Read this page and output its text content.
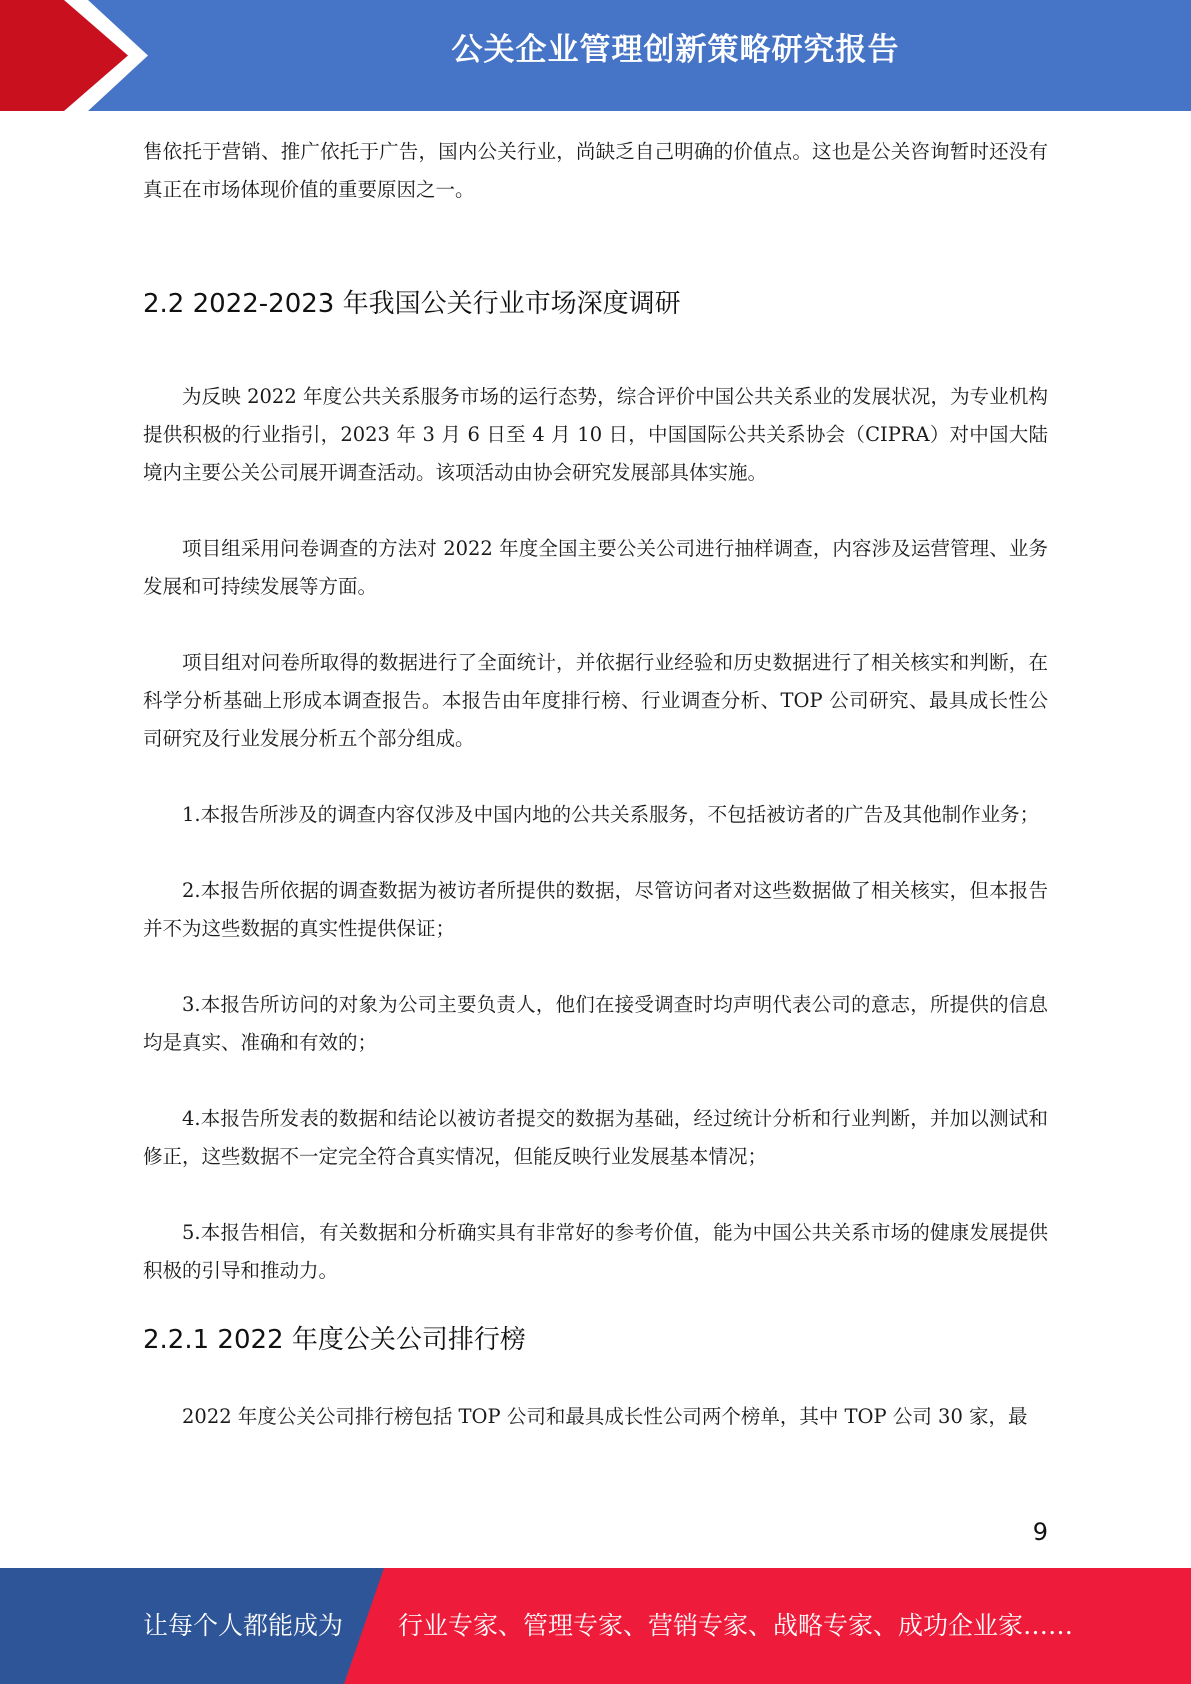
公关企业管理创新策略研究报告

售依托于营销、推广依托于广告，国内公关行业，尚缺乏自己明确的价值点。这也是公关咨询暂时还没有真正在市场体现价值的重要原因之一。

2.2 2022-2023 年我国公关行业市场深度调研

为反映 2022 年度公共关系服务市场的运行态势，综合评价中国公共关系业的发展状况，为专业机构提供积极的行业指引，2023 年 3 月 6 日至 4 月 10 日，中国国际公共关系协会（CIPRA）对中国大陆境内主要公关公司展开调查活动。该项活动由协会研究发展部具体实施。

项目组采用问卷调查的方法对 2022 年度全国主要公关公司进行抽样调查，内容涉及运营管理、业务发展和可持续发展等方面。

项目组对问卷所取得的数据进行了全面统计，并依据行业经验和历史数据进行了相关核实和判断，在科学分析基础上形成本调查报告。本报告由年度排行榜、行业调查分析、TOP 公司研究、最具成长性公司研究及行业发展分析五个部分组成。

1.本报告所涉及的调查内容仅涉及中国内地的公共关系服务，不包括被访者的广告及其他制作业务；

2.本报告所依据的调查数据为被访者所提供的数据，尽管访问者对这些数据做了相关核实，但本报告并不为这些数据的真实性提供保证；

3.本报告所访问的对象为公司主要负责人，他们在接受调查时均声明代表公司的意志，所提供的信息均是真实、准确和有效的；

4.本报告所发表的数据和结论以被访者提交的数据为基础，经过统计分析和行业判断，并加以测试和修正，这些数据不一定完全符合真实情况，但能反映行业发展基本情况；

5.本报告相信，有关数据和分析确实具有非常好的参考价值，能为中国公共关系市场的健康发展提供积极的引导和推动力。

2.2.1 2022 年度公关公司排行榜

2022 年度公关公司排行榜包括 TOP 公司和最具成长性公司两个榜单，其中 TOP 公司 30 家，最

9
让每个人都能成为 行业专家、管理专家、营销专家、战略专家、成功企业家……
